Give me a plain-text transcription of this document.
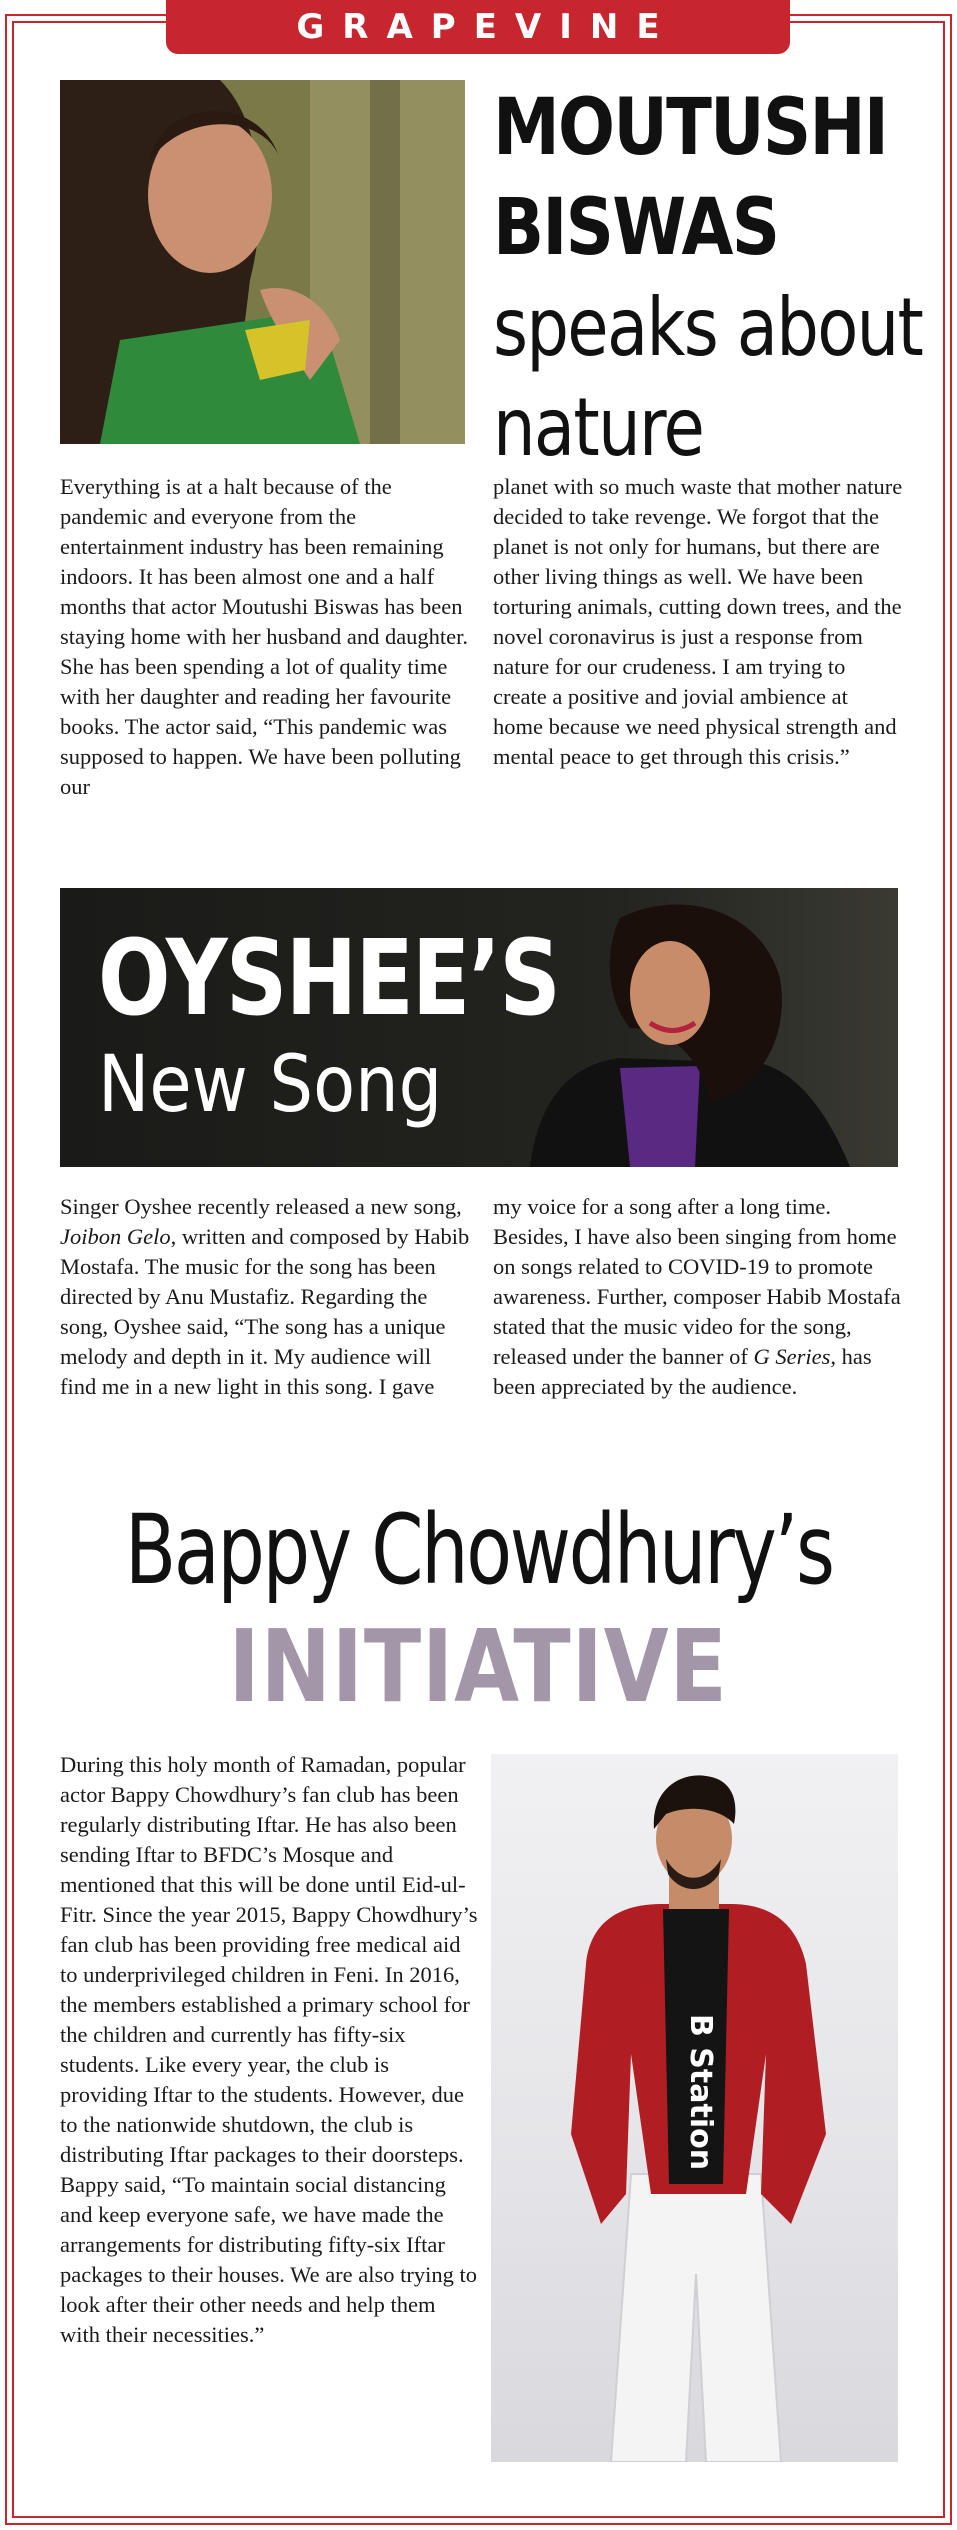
GRAPEVINE
MOUTUSHI
BISWAS
speaks about
nature

Everything is at a halt because of the pandemic and everyone from the entertainment industry has been remaining indoors. It has been almost one and a half months that actor Moutushi Biswas has been staying home with her husband and daughter. She has been spending a lot of quality time with her daughter and reading her favourite books. The actor said, “This pandemic was supposed to happen. We have been polluting our

planet with so much waste that mother nature decided to take revenge. We forgot that the planet is not only for humans, but there are other living things as well. We have been torturing animals, cutting down trees, and the novel coronavirus is just a response from nature for our crudeness. I am trying to create a positive and jovial ambience at home because we need physical strength and mental peace to get through this crisis.”

OYSHEE’S
New Song

Singer Oyshee recently released a new song, Joibon Gelo, written and composed by Habib Mostafa. The music for the song has been directed by Anu Mustafiz. Regarding the song, Oyshee said, “The song has a unique melody and depth in it. My audience will find me in a new light in this song. I gave

my voice for a song after a long time. Besides, I have also been singing from home on songs related to COVID-19 to promote awareness. Further, composer Habib Mostafa stated that the music video for the song, released under the banner of G Series, has been appreciated by the audience.

Bappy Chowdhury’s
INITIATIVE

During this holy month of Ramadan, popular actor Bappy Chowdhury’s fan club has been regularly distributing Iftar. He has also been sending Iftar to BFDC’s Mosque and mentioned that this will be done until Eid-ul-Fitr. Since the year 2015, Bappy Chowdhury’s fan club has been providing free medical aid to underprivileged children in Feni. In 2016, the members established a primary school for the children and currently has fifty-six students. Like every year, the club is providing Iftar to the students. However, due to the nationwide shutdown, the club is distributing Iftar packages to their doorsteps. Bappy said, “To maintain social distancing and keep everyone safe, we have made the arrangements for distributing fifty-six Iftar packages to their houses. We are also trying to look after their other needs and help them with their necessities.”

B Station
